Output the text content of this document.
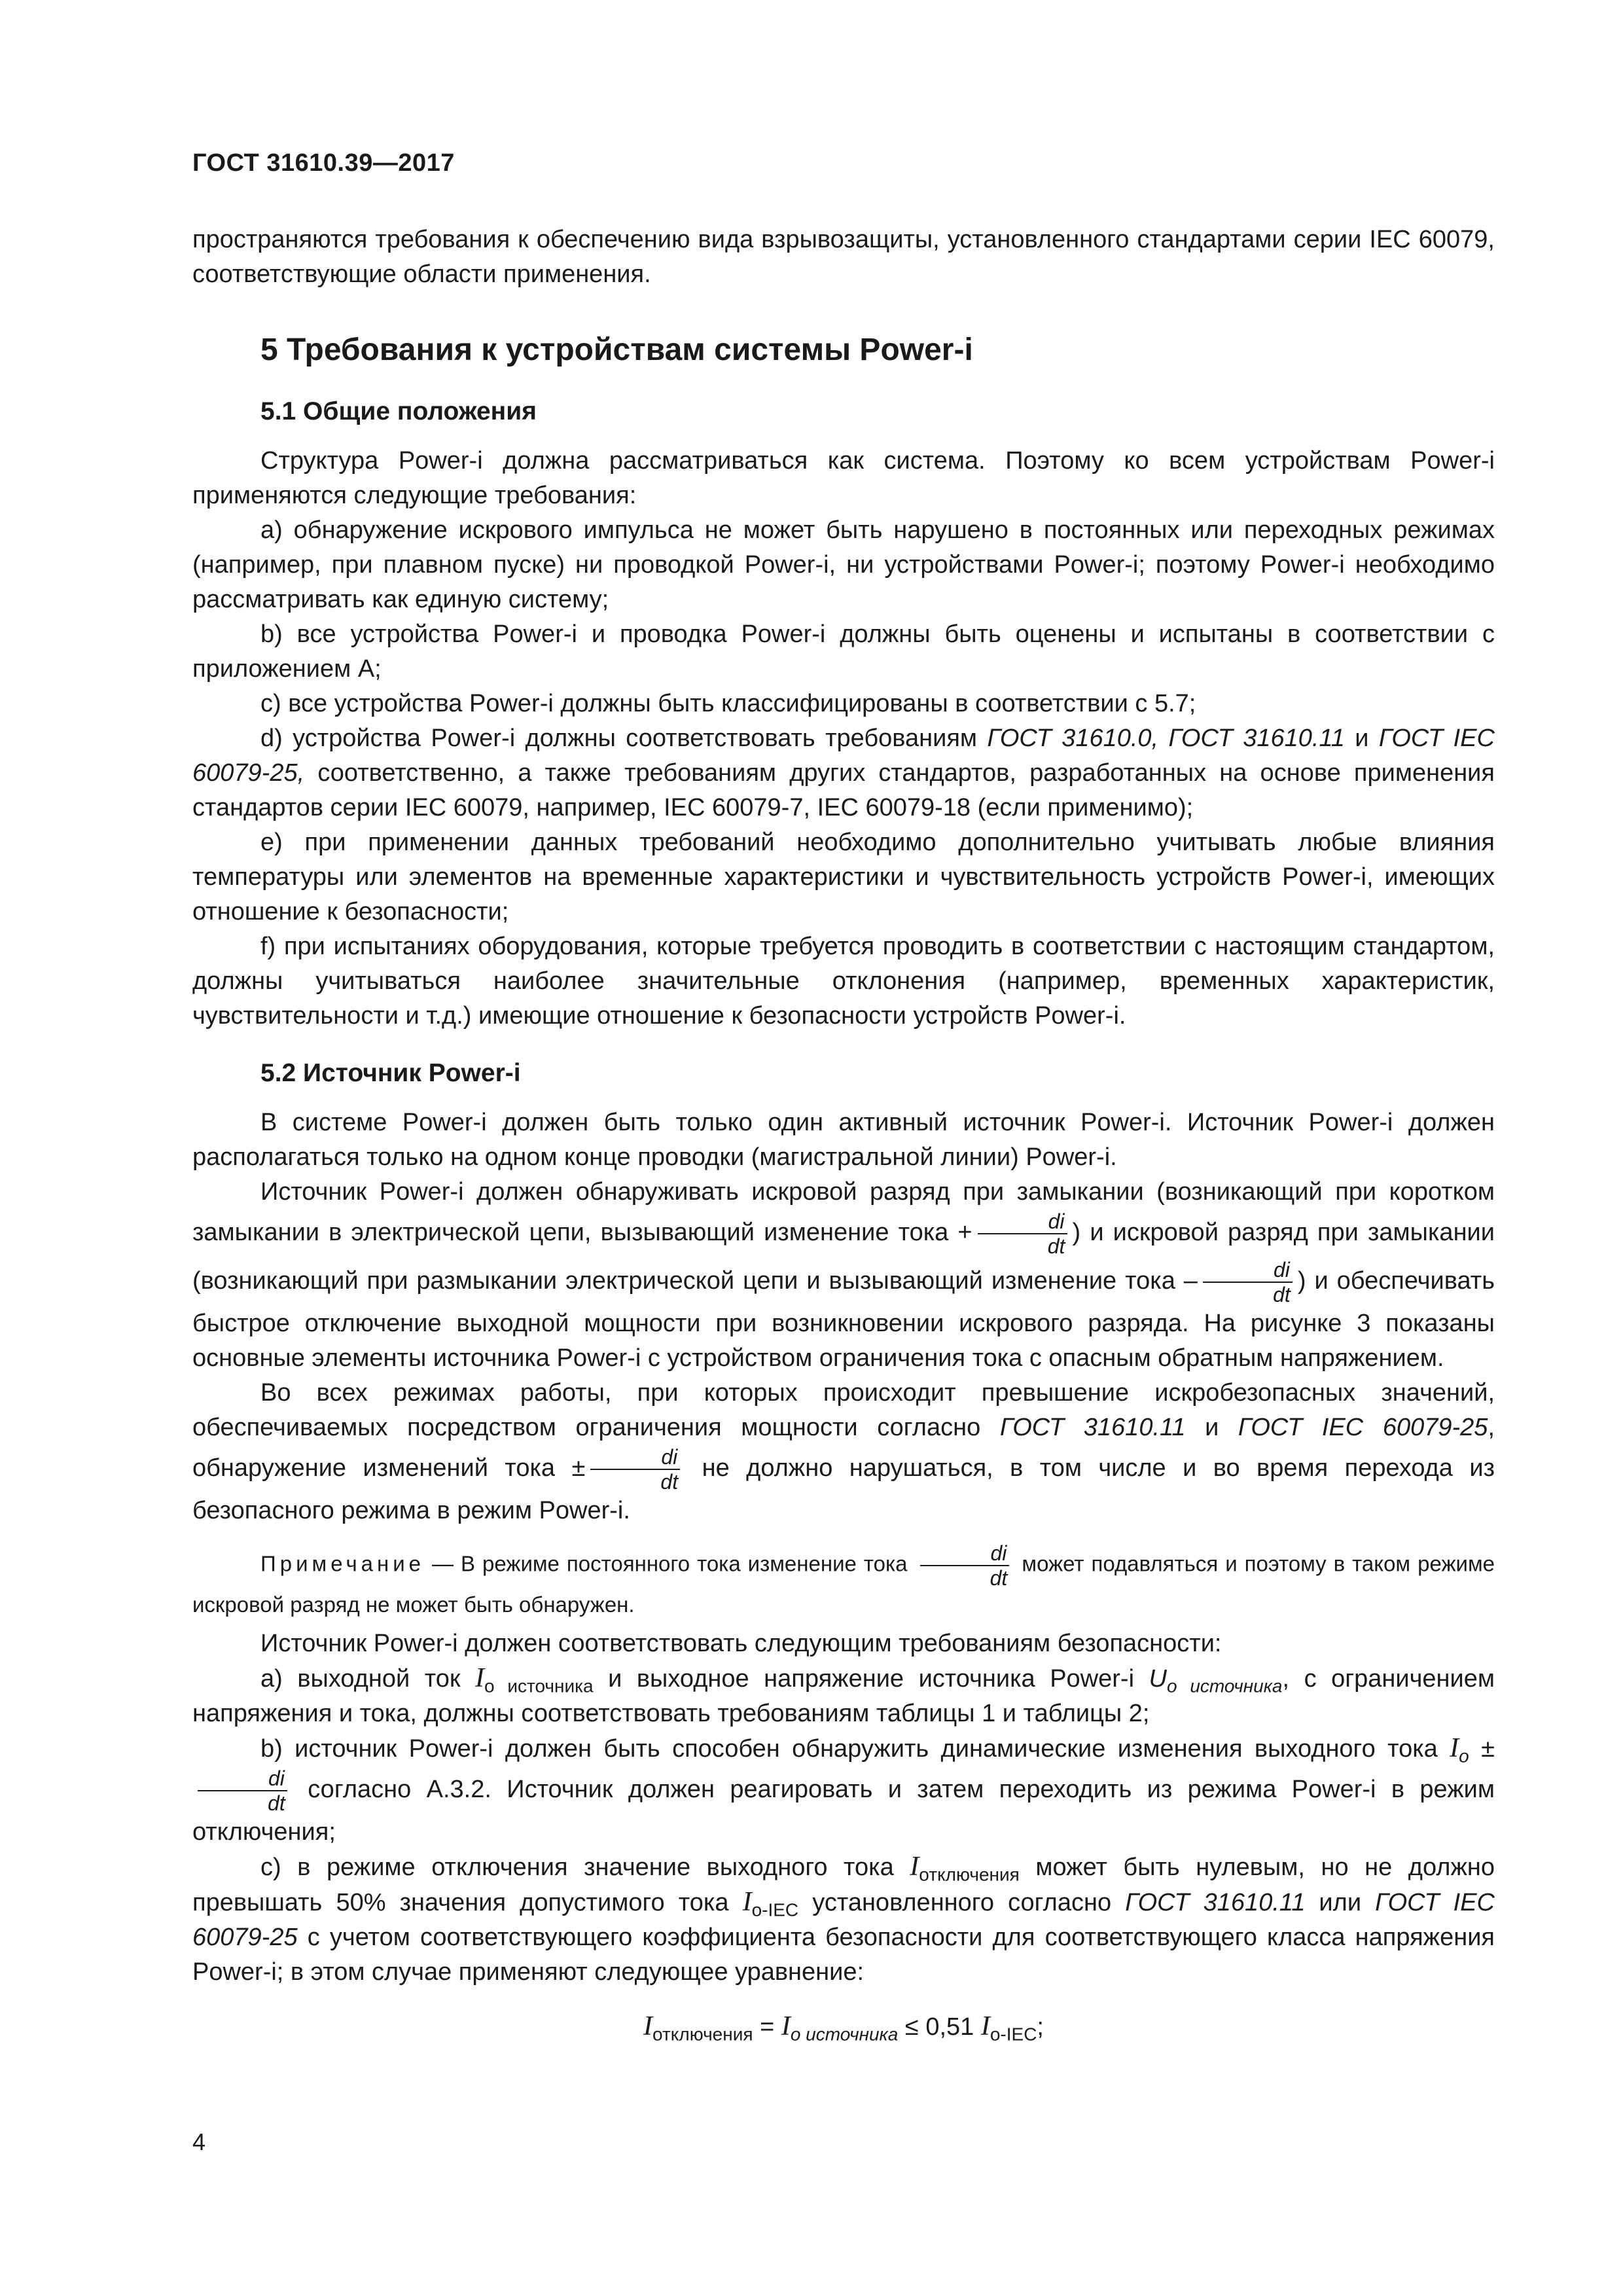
ГОСТ 31610.39—2017

пространяются требования к обеспечению вида взрывозащиты, установленного стандартами серии IEC 60079, соответствующие области применения.

5 Требования к устройствам системы Power-i
5.1 Общие положения

Структура Power-i должна рассматриваться как система. Поэтому ко всем устройствам Power-i применяются следующие требования:

a) обнаружение искрового импульса не может быть нарушено в постоянных или переходных режимах (например, при плавном пуске) ни проводкой Power-i, ни устройствами Power-i; поэтому Power-i необходимо рассматривать как единую систему;

b) все устройства Power-i и проводка Power-i должны быть оценены и испытаны в соответствии с приложением А;

c) все устройства Power-i должны быть классифицированы в соответствии с 5.7;

d) устройства Power-i должны соответствовать требованиям ГОСТ 31610.0, ГОСТ 31610.11 и ГОСТ IEC 60079-25, соответственно, а также требованиям других стандартов, разработанных на основе применения стандартов серии IEC 60079, например, IEC 60079-7, IEC 60079-18 (если применимо);

e) при применении данных требований необходимо дополнительно учитывать любые влияния температуры или элементов на временные характеристики и чувствительность устройств Power-i, имеющих отношение к безопасности;

f) при испытаниях оборудования, которые требуется проводить в соответствии с настоящим стандартом, должны учитываться наиболее значительные отклонения (например, временных характеристик, чувствительности и т.д.) имеющие отношение к безопасности устройств Power-i.

5.2 Источник Power-i

В системе Power-i должен быть только один активный источник Power-i. Источник Power-i должен располагаться только на одном конце проводки (магистральной линии) Power-i.

Источник Power-i должен обнаруживать искровой разряд при замыкании (возникающий при коротком замыкании в электрической цепи, вызывающий изменение тока + $\frac{di}{dt}$ ) и искровой разряд при замыкании (возникающий при размыкании электрической цепи и вызывающий изменение тока – $\frac{di}{dt}$ ) и обеспечивать быстрое отключение выходной мощности при возникновении искрового разряда. На рисунке 3 показаны основные элементы источника Power-i с устройством ограничения тока с опасным обратным напряжением.

Во всех режимах работы, при которых происходит превышение искробезопасных значений, обеспечиваемых посредством ограничения мощности согласно ГОСТ 31610.11 и ГОСТ IEC 60079-25, обнаружение изменений тока ± $\frac{di}{dt}$ не должно нарушаться, в том числе и во время перехода из безопасного режима в режим Power-i.

Примечание — В режиме постоянного тока изменение тока $\frac{di}{dt}$ может подавляться и поэтому в таком режиме искровой разряд не может быть обнаружен.

Источник Power-i должен соответствовать следующим требованиям безопасности:

a) выходной ток $I_{о источника}$ и выходное напряжение источника Power-i $U_{o источника}$, с ограничением напряжения и тока, должны соответствовать требованиям таблицы 1 и таблицы 2;

b) источник Power-i должен быть способен обнаружить динамические изменения выходного тока $I_o$ ±
$\frac{di}{dt}$ согласно А.3.2. Источник должен реагировать и затем переходить из режима Power-i в режим отключения;

c) в режиме отключения значение выходного тока $I_{отключения}$ может быть нулевым, но не должно превышать 50% значения допустимого тока $I_{o-IEC}$ установленного согласно ГОСТ 31610.11 или ГОСТ IEC 60079-25 с учетом соответствующего коэффициента безопасности для соответствующего класса напряжения Power-i; в этом случае применяют следующее уравнение:

$I_{отключения} = I_{o источника} \le 0,51$ $I_{o-IEC}$;
4
